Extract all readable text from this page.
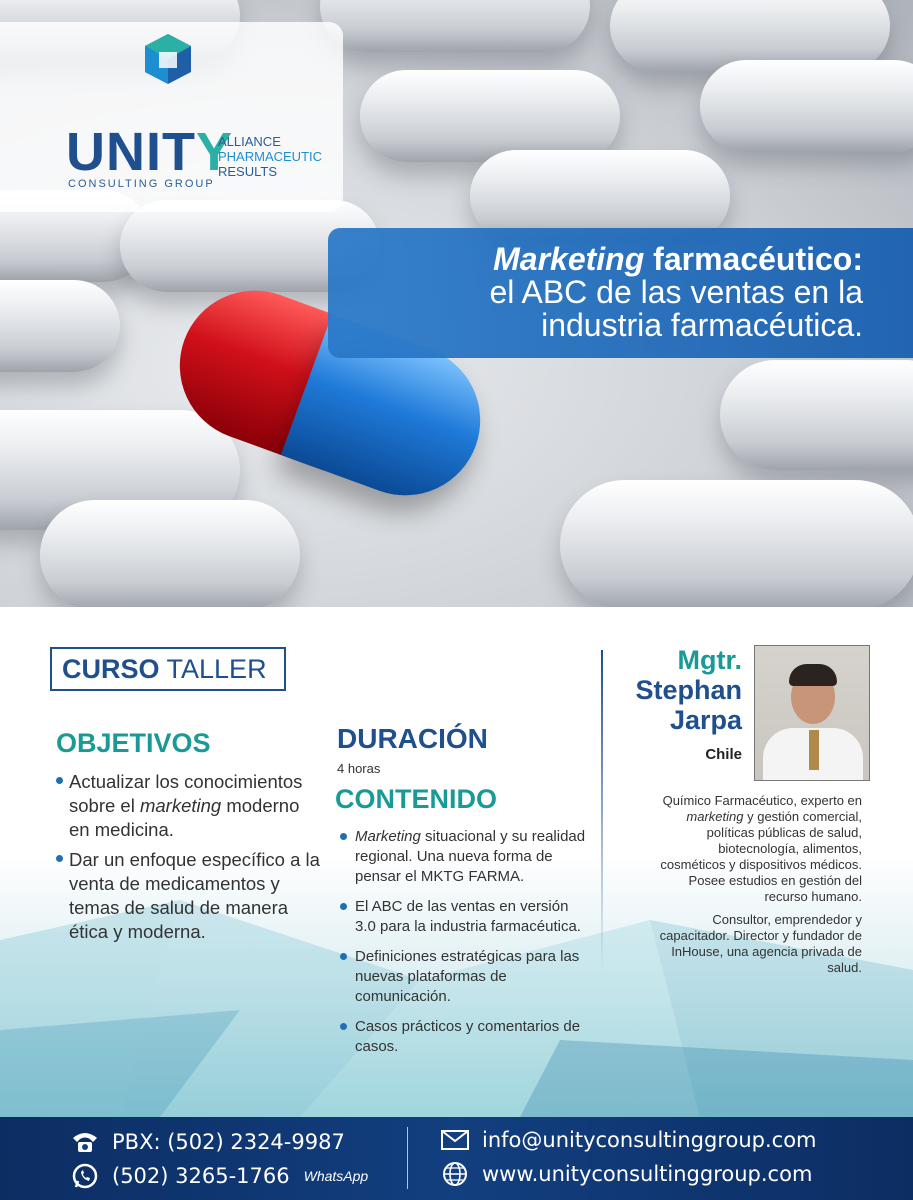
UNITY
ALLIANCE
PHARMACEUTIC
RESULTS
CONSULTING GROUP
Marketing farmacéutico:
el ABC de las ventas en la
industria farmacéutica.
CURSO TALLER
OBJETIVOS
Actualizar los conocimientos sobre el marketing moderno en medicina.
Dar un enfoque específico a la venta de medicamentos y temas de salud de manera ética y moderna.
DURACIÓN
4 horas
CONTENIDO
Marketing situacional y su realidad regional. Una nueva forma de pensar el MKTG FARMA.
El ABC de las ventas en versión 3.0 para la industria farmacéutica.
Definiciones estratégicas para las nuevas plataformas de comunicación.
Casos prácticos y comentarios de casos.
Mgtr.
Stephan
Jarpa
Chile

Químico Farmacéutico, experto en marketing y gestión comercial, políticas públicas de salud, biotecnología, alimentos, cosméticos y dispositivos médicos. Posee estudios en gestión del recurso humano.

Consultor, emprendedor y capacitador. Director y fundador de InHouse, una agencia privada de salud.

PBX: (502) 2324-9987
(502) 3265-1766 WhatsApp
info@unityconsultinggroup.com
www.unityconsultinggroup.com
